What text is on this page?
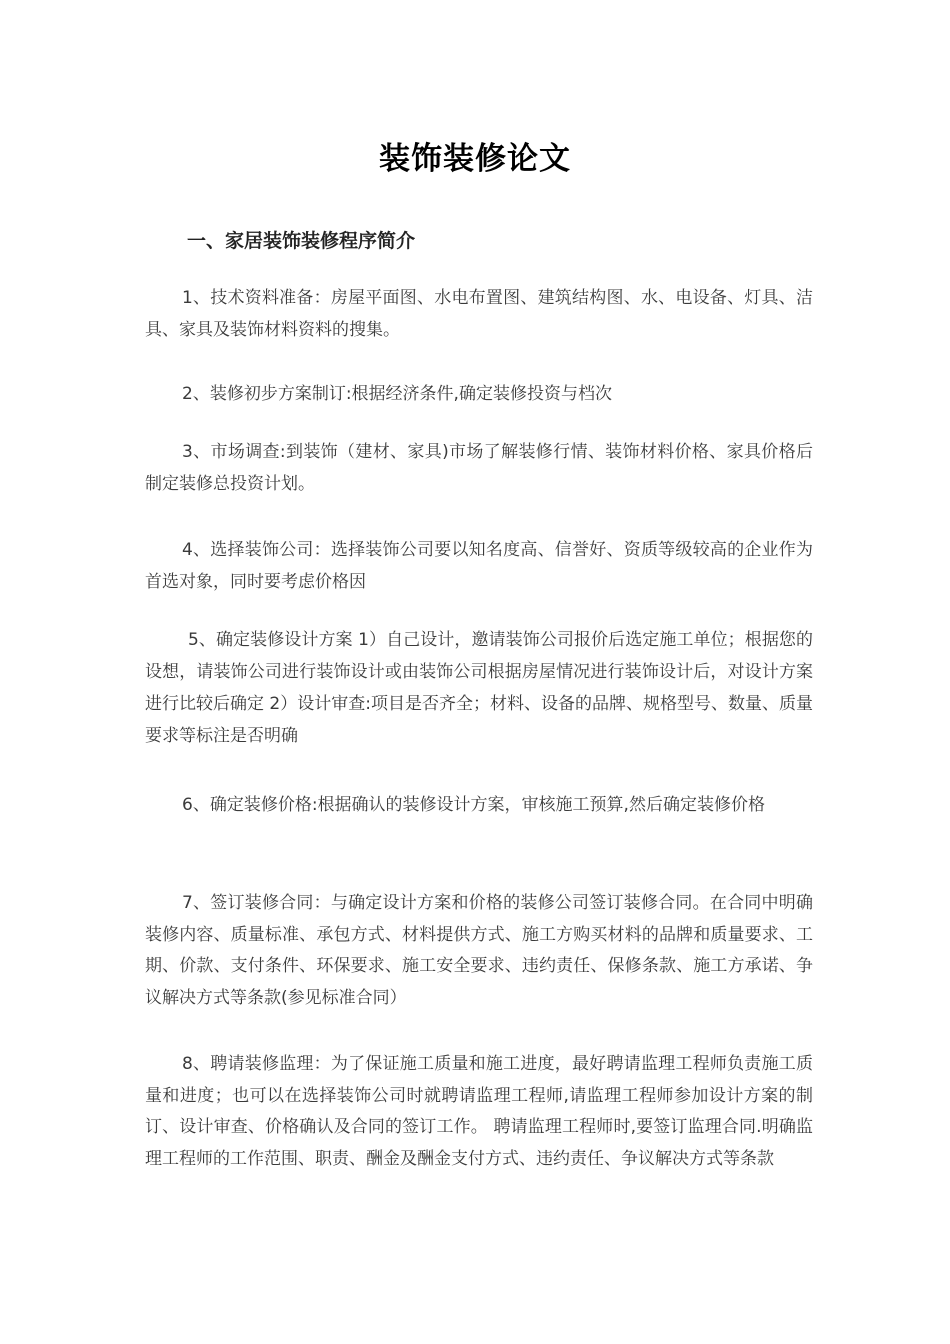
装饰装修论文
一、家居装饰装修程序简介
1、技术资料准备：房屋平面图、水电布置图、建筑结构图、水、电设备、灯具、洁具、家具及装饰材料资料的搜集。
2、装修初步方案制订:根据经济条件,确定装修投资与档次
3、市场调查:到装饰（建材、家具)市场了解装修行情、装饰材料价格、家具价格后制定装修总投资计划。
4、选择装饰公司：选择装饰公司要以知名度高、信誉好、资质等级较高的企业作为首选对象，同时要考虑价格因
5、确定装修设计方案 1）自己设计，邀请装饰公司报价后选定施工单位；根据您的设想，请装饰公司进行装饰设计或由装饰公司根据房屋情况进行装饰设计后，对设计方案进行比较后确定 2）设计审查:项目是否齐全；材料、设备的品牌、规格型号、数量、质量要求等标注是否明确
6、确定装修价格:根据确认的装修设计方案，审核施工预算,然后确定装修价格
7、签订装修合同：与确定设计方案和价格的装修公司签订装修合同。在合同中明确装修内容、质量标准、承包方式、材料提供方式、施工方购买材料的品牌和质量要求、工期、价款、支付条件、环保要求、施工安全要求、违约责任、保修条款、施工方承诺、争议解决方式等条款(参见标准合同）
8、聘请装修监理：为了保证施工质量和施工进度，最好聘请监理工程师负责施工质量和进度；也可以在选择装饰公司时就聘请监理工程师,请监理工程师参加设计方案的制订、设计审查、价格确认及合同的签订工作。 聘请监理工程师时,要签订监理合同.明确监理工程师的工作范围、职责、酬金及酬金支付方式、违约责任、争议解决方式等条款
